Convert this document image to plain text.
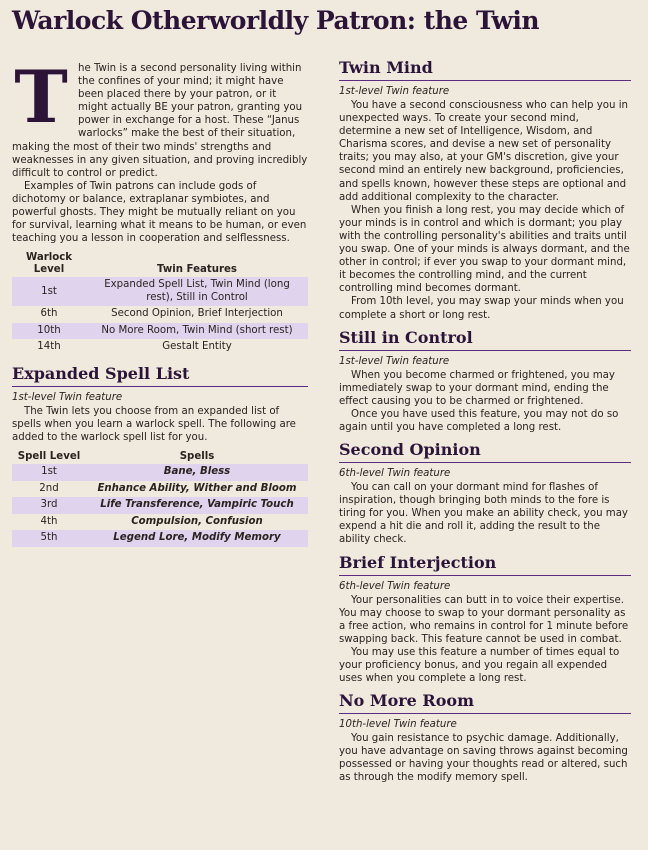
Warlock Otherworldly Patron: the Twin
T	he Twin is a second personality living within the confines of your mind; it might have been placed there by your patron, or it might actually BE your patron, granting you power in exchange for a host. These “Janus warlocks” make the best of their situation, making the most of their two minds' strengths and weaknesses in any given situation, and proving incredibly difficult to control or predict.

Examples of Twin patrons can include gods of dichotomy or balance, extraplanar symbiotes, and powerful ghosts. They might be mutually reliant on you for survival, learning what it means to be human, or even teaching you a lesson in cooperation and selflessness.

Warlock Level	Twin Features
1st	Expanded Spell List, Twin Mind (long rest), Still in Control
6th	Second Opinion, Brief Interjection
10th	No More Room, Twin Mind (short rest)
14th	Gestalt Entity
Expanded Spell List
1st-level Twin feature

The Twin lets you choose from an expanded list of spells when you learn a warlock spell. The following are added to the warlock spell list for you.

Spell Level	Spells
1st	Bane, Bless
2nd	Enhance Ability, Wither and Bloom
3rd	Life Transference, Vampiric Touch
4th	Compulsion, Confusion
5th	Legend Lore, Modify Memory
Twin Mind
1st-level Twin feature

You have a second consciousness who can help you in unexpected ways. To create your second mind, determine a new set of Intelligence, Wisdom, and Charisma scores, and devise a new set of personality traits; you may also, at your GM's discretion, give your second mind an entirely new background, proficiencies, and spells known, however these steps are optional and add additional complexity to the character.

When you finish a long rest, you may decide which of your minds is in control and which is dormant; you play with the controlling personality's abilities and traits until you swap. One of your minds is always dormant, and the other in control; if ever you swap to your dormant mind, it becomes the controlling mind, and the current controlling mind becomes dormant.

From 10th level, you may swap your minds when you complete a short or long rest.

Still in Control
1st-level Twin feature

When you become charmed or frightened, you may immediately swap to your dormant mind, ending the effect causing you to be charmed or frightened.

Once you have used this feature, you may not do so again until you have completed a long rest.

Second Opinion
6th-level Twin feature

You can call on your dormant mind for flashes of inspiration, though bringing both minds to the fore is tiring for you. When you make an ability check, you may expend a hit die and roll it, adding the result to the ability check.

Brief Interjection
6th-level Twin feature

Your personalities can butt in to voice their expertise. You may choose to swap to your dormant personality as a free action, who remains in control for 1 minute before swapping back. This feature cannot be used in combat.

You may use this feature a number of times equal to your proficiency bonus, and you regain all expended uses when you complete a long rest.

No More Room
10th-level Twin feature

You gain resistance to psychic damage. Additionally, you have advantage on saving throws against becoming possessed or having your thoughts read or altered, such as through the modify memory spell.
